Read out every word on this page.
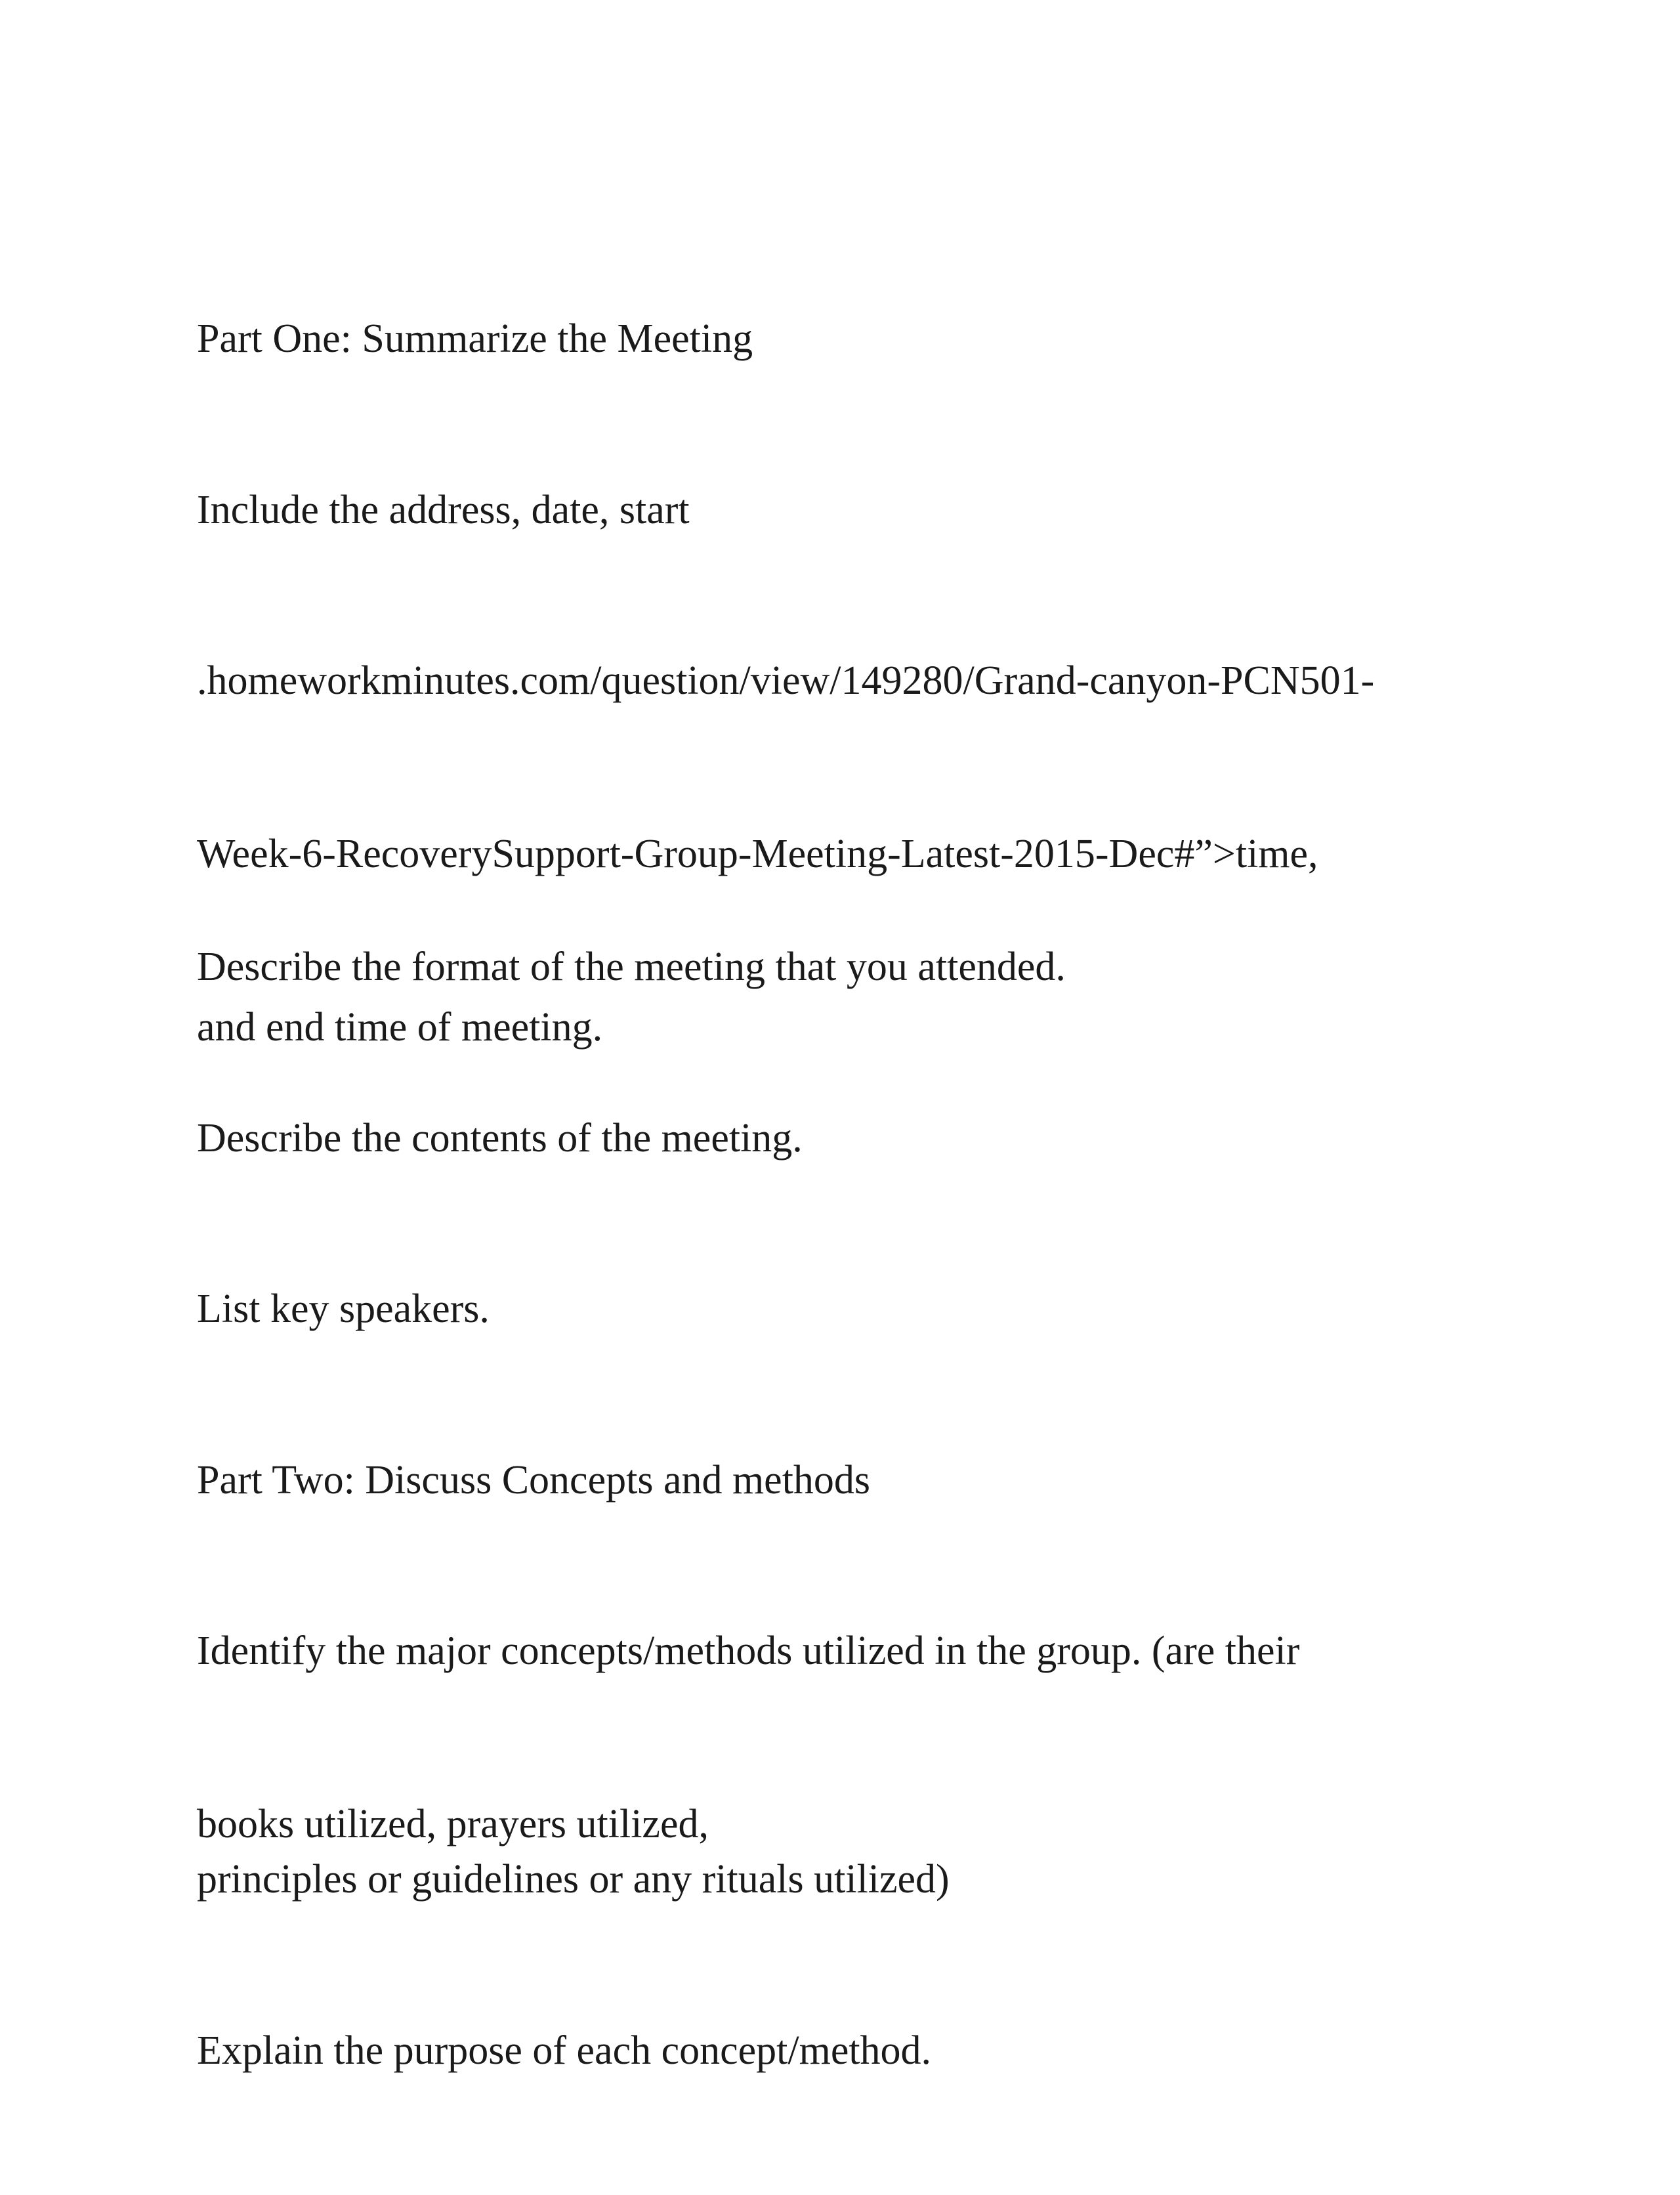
Part One: Summarize the Meeting

Include the address, date, start

.homeworkminutes.com/question/view/149280/Grand-canyon-PCN501-

Week-6-RecoverySupport-Group-Meeting-Latest-2015-Dec#”>time,

and end time of meeting.

Describe the format of the meeting that you attended.

Describe the contents of the meeting.

List key speakers.

Part Two: Discuss Concepts and methods

Identify the major concepts/methods utilized in the group. (are their

books utilized, prayers utilized,

principles or guidelines or any rituals utilized)

Explain the purpose of each concept/method.
